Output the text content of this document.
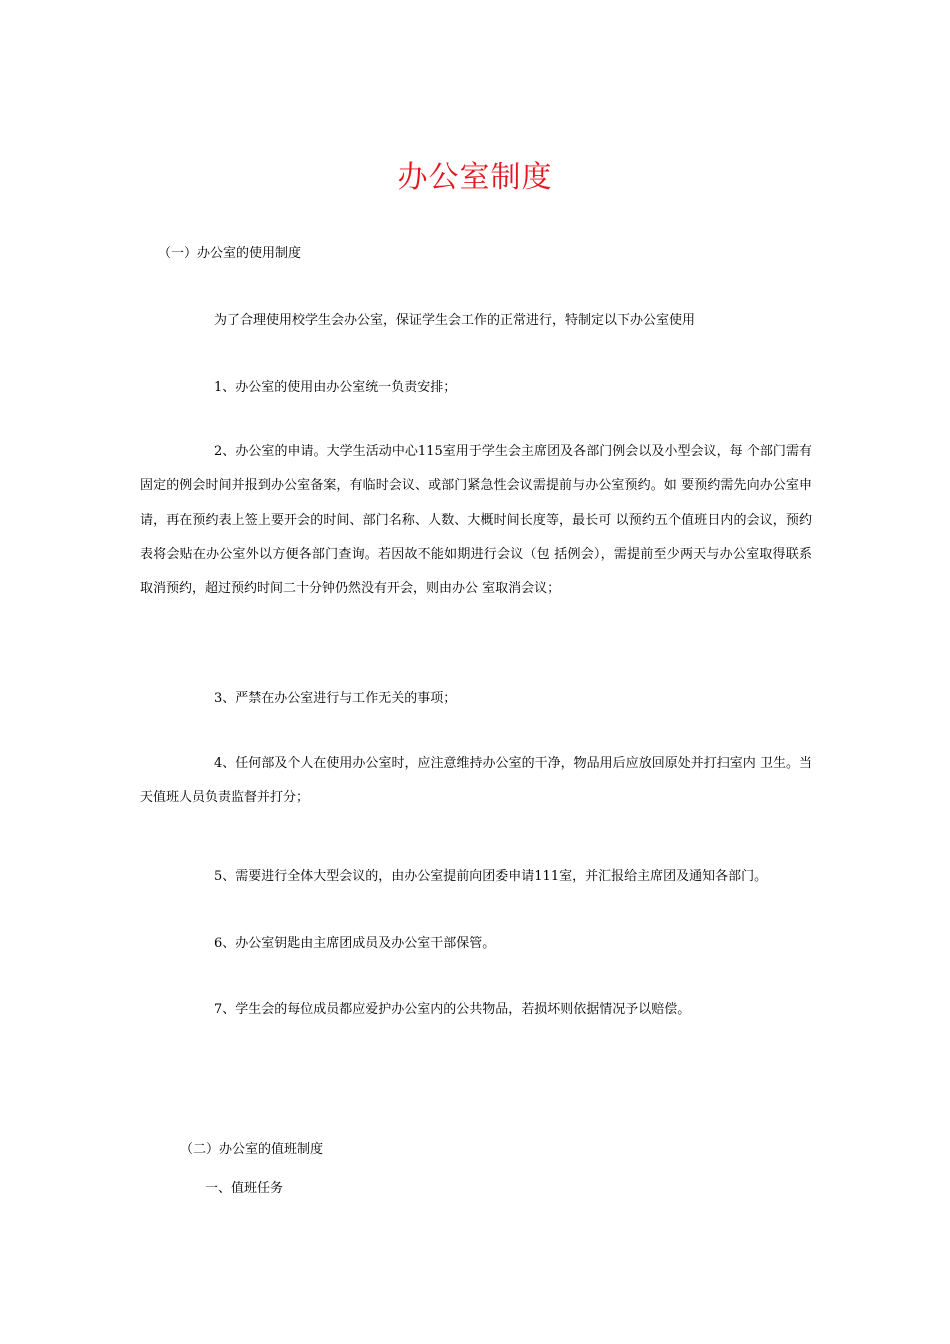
办公室制度

（一）办公室的使用制度

为了合理使用校学生会办公室，保证学生会工作的正常进行，特制定以下办公室使用

1、办公室的使用由办公室统一负责安排；

2、办公室的申请。大学生活动中心115室用于学生会主席团及各部门例会以及小型会议，每 个部门需有固定的例会时间并报到办公室备案，有临时会议、或部门紧急性会议需提前与办公室预约。如 要预约需先向办公室申请，再在预约表上签上要开会的时间、部门名称、人数、大概时间长度等，最长可 以预约五个值班日内的会议，预约表将会贴在办公室外以方便各部门查询。若因故不能如期进行会议（包 括例会），需提前至少两天与办公室取得联系取消预约，超过预约时间二十分钟仍然没有开会，则由办公 室取消会议；

3、严禁在办公室进行与工作无关的事项；

4、任何部及个人在使用办公室时，应注意维持办公室的干净，物品用后应放回原处并打扫室内 卫生。当天值班人员负责监督并打分；

5、需要进行全体大型会议的，由办公室提前向团委申请111室，并汇报给主席团及通知各部门。

6、办公室钥匙由主席团成员及办公室干部保管。

7、学生会的每位成员都应爱护办公室内的公共物品，若损坏则依据情况予以赔偿。

（二）办公室的值班制度

一、值班任务
